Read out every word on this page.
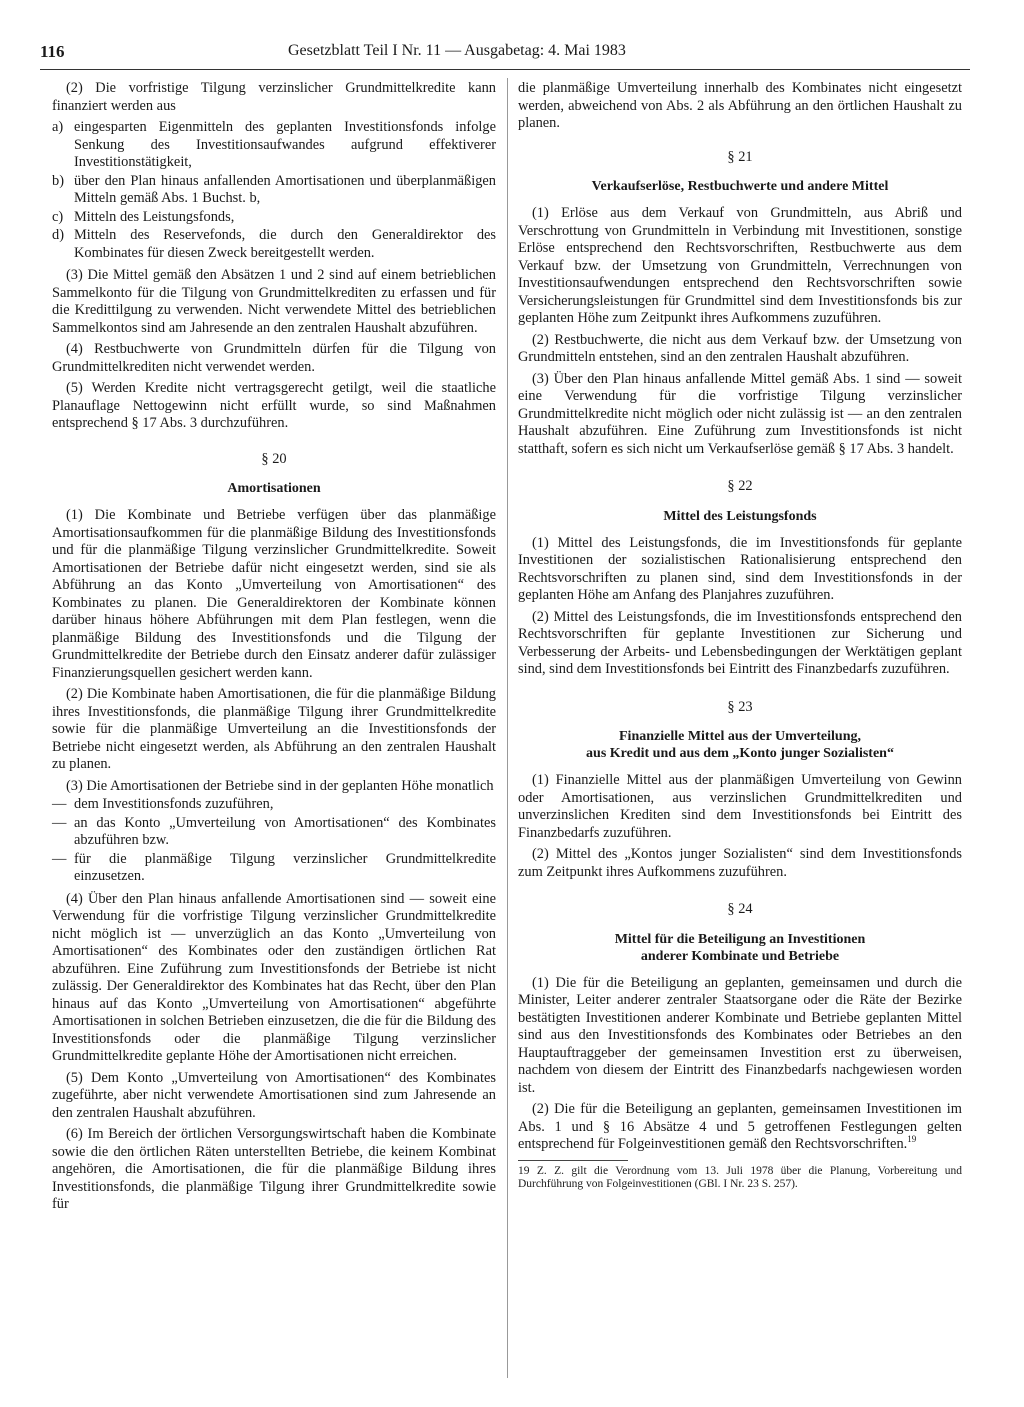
116	Gesetzblatt Teil I Nr. 11 — Ausgabetag: 4. Mai 1983

(2) Die vorfristige Tilgung verzinslicher Grundmittelkredite kann finanziert werden aus

a) eingesparten Eigenmitteln des geplanten Investitionsfonds infolge Senkung des Investitionsaufwandes aufgrund effektiverer Investitionstätigkeit,
b) über den Plan hinaus anfallenden Amortisationen und überplanmäßigen Mitteln gemäß Abs. 1 Buchst. b,
c) Mitteln des Leistungsfonds,
d) Mitteln des Reservefonds, die durch den Generaldirektor des Kombinates für diesen Zweck bereitgestellt werden.

(3) Die Mittel gemäß den Absätzen 1 und 2 sind auf einem betrieblichen Sammelkonto für die Tilgung von Grundmittelkrediten zu erfassen und für die Kredittilgung zu verwenden. Nicht verwendete Mittel des betrieblichen Sammelkontos sind am Jahresende an den zentralen Haushalt abzuführen.

(4) Restbuchwerte von Grundmitteln dürfen für die Tilgung von Grundmittelkrediten nicht verwendet werden.

(5) Werden Kredite nicht vertragsgerecht getilgt, weil die staatliche Planauflage Nettogewinn nicht erfüllt wurde, so sind Maßnahmen entsprechend § 17 Abs. 3 durchzuführen.

§ 20
Amortisationen

(1) Die Kombinate und Betriebe verfügen über das planmäßige Amortisationsaufkommen für die planmäßige Bildung des Investitionsfonds und für die planmäßige Tilgung verzinslicher Grundmittelkredite. Soweit Amortisationen der Betriebe dafür nicht eingesetzt werden, sind sie als Abführung an das Konto „Umverteilung von Amortisationen“ des Kombinates zu planen. Die Generaldirektoren der Kombinate können darüber hinaus höhere Abführungen mit dem Plan festlegen, wenn die planmäßige Bildung des Investitionsfonds und die Tilgung der Grundmittelkredite der Betriebe durch den Einsatz anderer dafür zulässiger Finanzierungsquellen gesichert werden kann.

(2) Die Kombinate haben Amortisationen, die für die planmäßige Bildung ihres Investitionsfonds, die planmäßige Tilgung ihrer Grundmittelkredite sowie für die planmäßige Umverteilung an die Investitionsfonds der Betriebe nicht eingesetzt werden, als Abführung an den zentralen Haushalt zu planen.

(3) Die Amortisationen der Betriebe sind in der geplanten Höhe monatlich

— dem Investitionsfonds zuzuführen,
— an das Konto „Umverteilung von Amortisationen“ des Kombinates abzuführen bzw.
— für die planmäßige Tilgung verzinslicher Grundmittelkredite einzusetzen.

(4) Über den Plan hinaus anfallende Amortisationen sind — soweit eine Verwendung für die vorfristige Tilgung verzinslicher Grundmittelkredite nicht möglich ist — unverzüglich an das Konto „Umverteilung von Amortisationen“ des Kombinates oder den zuständigen örtlichen Rat abzuführen. Eine Zuführung zum Investitionsfonds der Betriebe ist nicht zulässig. Der Generaldirektor des Kombinates hat das Recht, über den Plan hinaus auf das Konto „Umverteilung von Amortisationen“ abgeführte Amortisationen in solchen Betrieben einzusetzen, die die für die Bildung des Investitionsfonds oder die planmäßige Tilgung verzinslicher Grundmittelkredite geplante Höhe der Amortisationen nicht erreichen.

(5) Dem Konto „Umverteilung von Amortisationen“ des Kombinates zugeführte, aber nicht verwendete Amortisationen sind zum Jahresende an den zentralen Haushalt abzuführen.

(6) Im Bereich der örtlichen Versorgungswirtschaft haben die Kombinate sowie die den örtlichen Räten unterstellten Betriebe, die keinem Kombinat angehören, die Amortisationen, die für die planmäßige Bildung ihres Investitionsfonds, die planmäßige Tilgung ihrer Grundmittelkredite sowie für

die planmäßige Umverteilung innerhalb des Kombinates nicht eingesetzt werden, abweichend von Abs. 2 als Abführung an den örtlichen Haushalt zu planen.

§ 21
Verkaufserlöse, Restbuchwerte und andere Mittel

(1) Erlöse aus dem Verkauf von Grundmitteln, aus Abriß und Verschrottung von Grundmitteln in Verbindung mit Investitionen, sonstige Erlöse entsprechend den Rechtsvorschriften, Restbuchwerte aus dem Verkauf bzw. der Umsetzung von Grundmitteln, Verrechnungen von Investitionsaufwendungen entsprechend den Rechtsvorschriften sowie Versicherungsleistungen für Grundmittel sind dem Investitionsfonds bis zur geplanten Höhe zum Zeitpunkt ihres Aufkommens zuzuführen.

(2) Restbuchwerte, die nicht aus dem Verkauf bzw. der Umsetzung von Grundmitteln entstehen, sind an den zentralen Haushalt abzuführen.

(3) Über den Plan hinaus anfallende Mittel gemäß Abs. 1 sind — soweit eine Verwendung für die vorfristige Tilgung verzinslicher Grundmittelkredite nicht möglich oder nicht zulässig ist — an den zentralen Haushalt abzuführen. Eine Zuführung zum Investitionsfonds ist nicht statthaft, sofern es sich nicht um Verkaufserlöse gemäß § 17 Abs. 3 handelt.

§ 22
Mittel des Leistungsfonds

(1) Mittel des Leistungsfonds, die im Investitionsfonds für geplante Investitionen der sozialistischen Rationalisierung entsprechend den Rechtsvorschriften zu planen sind, sind dem Investitionsfonds in der geplanten Höhe am Anfang des Planjahres zuzuführen.

(2) Mittel des Leistungsfonds, die im Investitionsfonds entsprechend den Rechtsvorschriften für geplante Investitionen zur Sicherung und Verbesserung der Arbeits- und Lebensbedingungen der Werktätigen geplant sind, sind dem Investitionsfonds bei Eintritt des Finanzbedarfs zuzuführen.

§ 23
Finanzielle Mittel aus der Umverteilung,
aus Kredit und aus dem „Konto junger Sozialisten“

(1) Finanzielle Mittel aus der planmäßigen Umverteilung von Gewinn oder Amortisationen, aus verzinslichen Grundmittelkrediten und unverzinslichen Krediten sind dem Investitionsfonds bei Eintritt des Finanzbedarfs zuzuführen.

(2) Mittel des „Kontos junger Sozialisten“ sind dem Investitionsfonds zum Zeitpunkt ihres Aufkommens zuzuführen.

§ 24
Mittel für die Beteiligung an Investitionen
anderer Kombinate und Betriebe

(1) Die für die Beteiligung an geplanten, gemeinsamen und durch die Minister, Leiter anderer zentraler Staatsorgane oder die Räte der Bezirke bestätigten Investitionen anderer Kombinate und Betriebe geplanten Mittel sind aus den Investitionsfonds des Kombinates oder Betriebes an den Hauptauftraggeber der gemeinsamen Investition erst zu überweisen, nachdem von diesem der Eintritt des Finanzbedarfs nachgewiesen worden ist.

(2) Die für die Beteiligung an geplanten, gemeinsamen Investitionen im Abs. 1 und § 16 Absätze 4 und 5 getroffenen Festlegungen gelten entsprechend für Folgeinvestitionen gemäß den Rechtsvorschriften.$^{19}$

19 Z. Z. gilt die Verordnung vom 13. Juli 1978 über die Planung, Vorbereitung und Durchführung von Folgeinvestitionen (GBl. I Nr. 23 S. 257).
